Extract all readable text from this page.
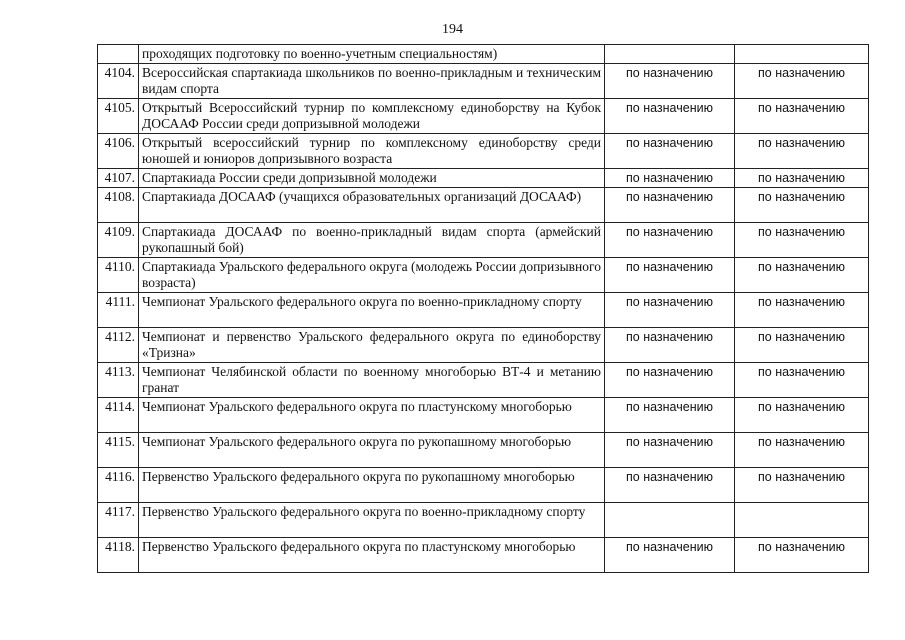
194
	проходящих подготовку по военно-учетным специальностям)		
4104.	Всероссийская спартакиада школьников по военно-прикладным и техническим видам спорта	по назначению	по назначению
4105.	Открытый Всероссийский турнир по комплексному единоборству на Кубок ДОСААФ России среди допризывной молодежи	по назначению	по назначению
4106.	Открытый всероссийский турнир по комплексному единоборству среди юношей и юниоров допризывного возраста	по назначению	по назначению
4107.	Спартакиада России среди допризывной молодежи	по назначению	по назначению
4108.	Спартакиада ДОСААФ (учащихся образовательных организаций ДОСААФ)	по назначению	по назначению
4109.	Спартакиада ДОСААФ по военно-прикладный видам спорта (армейский рукопашный бой)	по назначению	по назначению
4110.	Спартакиада Уральского федерального округа (молодежь России допризывного возраста)	по назначению	по назначению
4111.	Чемпионат Уральского федерального округа по военно-прикладному спорту	по назначению	по назначению
4112.	Чемпионат и первенство Уральского федерального округа по единоборству «Тризна»	по назначению	по назначению
4113.	Чемпионат Челябинской области по военному многоборью ВТ-4 и метанию гранат	по назначению	по назначению
4114.	Чемпионат Уральского федерального округа по пластунскому многоборью	по назначению	по назначению
4115.	Чемпионат Уральского федерального округа по рукопашному многоборью	по назначению	по назначению
4116.	Первенство Уральского федерального округа по рукопашному многоборью	по назначению	по назначению
4117.	Первенство Уральского федерального округа по военно-прикладному спорту		
4118.	Первенство Уральского федерального округа по пластунскому многоборью	по назначению	по назначению
